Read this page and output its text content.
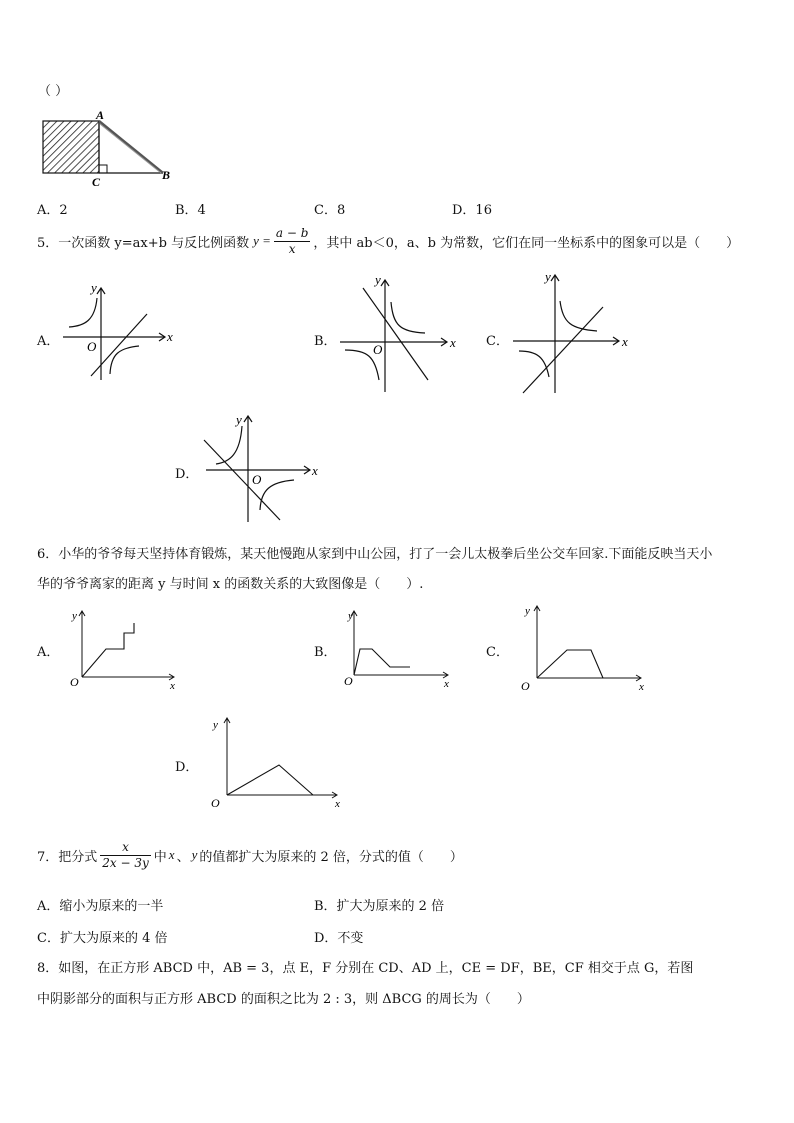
（ ）
A
C	B
A．2	B．4	C．8	D．16
5．一次函数 y=ax+b 与反比例函数 $y = \frac{a - b}{x}$ ，其中 ab＜0，a、b 为常数，它们在同一坐标系中的图象可以是（　　）
A．
y
x
O	B．
y
x
O
C．
y
x
D．
y
x
O
6．小华的爷爷每天坚持体育锻炼，某天他慢跑从家到中山公园，打了一会儿太极拳后坐公交车回家.下面能反映当天小
华的爷爷离家的距离 y 与时间 x 的函数关系的大致图像是（　　）.
A．
y
x
O
B．
y
x
O
C．
y
x
O
D．
y
x
O
7．把分式 $\frac{x}{2x - 3y}$ 中 x 、 y 的值都扩大为原来的 2 倍，分式的值（　　）
A．缩小为原来的一半	B．扩大为原来的 2 倍
C．扩大为原来的 4 倍	D．不变
8．如图，在正方形 ABCD 中，AB = 3，点 E，F 分别在 CD、AD 上，CE = DF，BE，CF 相交于点 G，若图
中阴影部分的面积与正方形 ABCD 的面积之比为 2 : 3，则 ΔBCG 的周长为（　　）
